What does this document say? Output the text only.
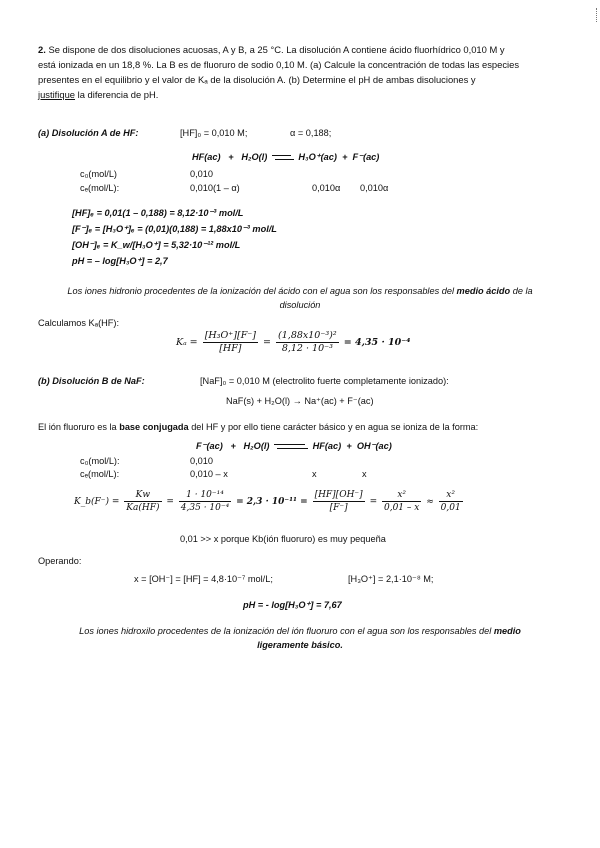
2. Se dispone de dos disoluciones acuosas, A y B, a 25 °C. La disolución A contiene ácido fluorhídrico 0,010 M y
está ionizada en un 18,8 %. La B es de fluoruro de sodio 0,10 M. (a) Calcule la concentración de todas las especies
presentes en el equilibrio y el valor de Kₐ de la disolución A. (b) Determine el pH de ambas disoluciones y
justifique la diferencia de pH.
(a) Disolución A de HF:	[HF]₀ = 0,010 M;	α = 0,188;
HF(ac) + H₂O(l)	H₃O⁺(ac) + F⁻(ac)
c₀(mol/L)	0,010
cₑ(mol/L):	0,010(1 – α)	0,010α 0,010α
[HF]ₑ = 0,01(1 – 0,188) = 8,12·10⁻³ mol/L
[F⁻]ₑ = [H₃O⁺]ₑ = (0,01)(0,188) = 1,88x10⁻³ mol/L
[OH⁻]ₑ = K_w/[H₃O⁺] = 5,32·10⁻¹² mol/L
pH = – log[H₃O⁺] = 2,7
Los iones hidronio procedentes de la ionización del ácido con el agua son los responsables del medio ácido de la
disolución
Calculamos Kₐ(HF):
$K_a = \frac{\text{[H₃O⁺][F⁻]}}{[HF]} = \frac{\text{(1,88x10⁻³)²}}{\text{8,12 · 10⁻³}} = 4,35 \cdot 10^{-4}$
(b) Disolución B de NaF:	[NaF]₀ = 0,010 M (electrolito fuerte completamente ionizado):
NaF(s) + H₂O(l) → Na⁺(ac) + F⁻(ac)
El ión fluoruro es la base conjugada del HF y por ello tiene carácter básico y en agua se ioniza de la forma:
F⁻(ac) + H₂O(l)	HF(ac) + OH⁻(ac)
c₀(mol/L):	0,010
cₑ(mol/L):	0,010 – x	x	x
K_b(F⁻) = $\frac{Kw}{Ka(HF)} = \frac{\text{1 · 10⁻¹⁴}}{\text{4,35 · 10⁻⁴}} = 2,3 \cdot 10^{-11} = \frac{[HF][OH^-]}{[F^-]} = \frac{\text{x²}}{0,01 - x} \approx \frac{\text{x²}}{0,01}$
0,01 >> x porque Kb(ión fluoruro) es muy pequeña
Operando:
x = [OH⁻] = [HF] = 4,8·10⁻⁷ mol/L;	[H₃O⁺] = 2,1·10⁻⁸ M;
pH = - log[H₃O⁺] = 7,67
Los iones hidroxilo procedentes de la ionización del ión fluoruro con el agua son los responsables del medio
ligeramente básico.
